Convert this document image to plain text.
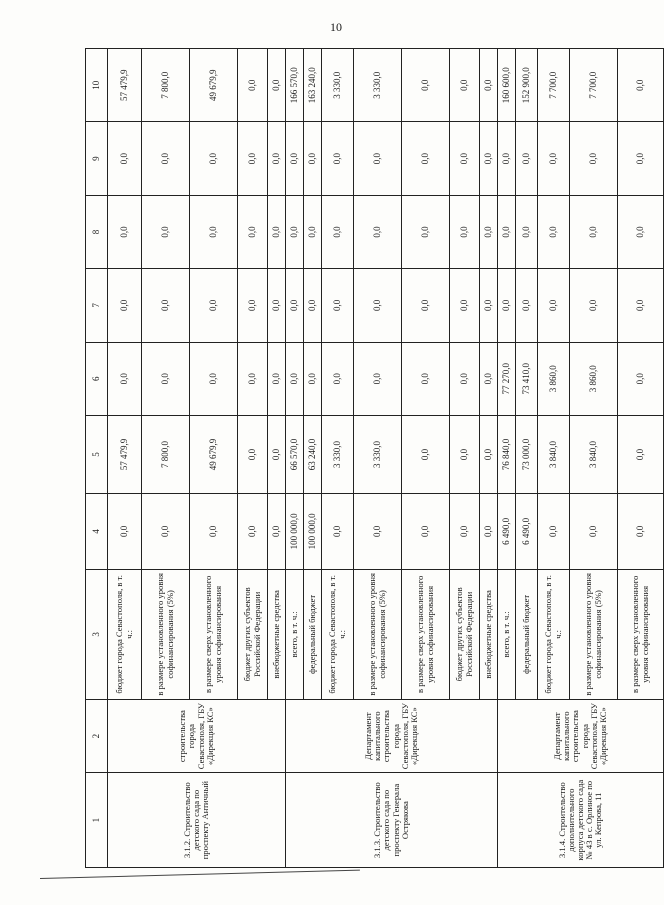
10
1	2	3	4	5	6	7	8	9	10
3.1.2. Строительство детского сада по проспекту Античный	строительства города Севастополя, ГБУ «Дирекция КС»	бюджет города Севастополя, в т. ч.:	0,0	57 479,9	0,0	0,0	0,0	0,0	57 479,9
		в размере установленного уровня софинансирования (5%)	0,0	7 800,0	0,0	0,0	0,0	0,0	7 800,0
		в размере сверх установленного уровня софинансирования	0,0	49 679,9	0,0	0,0	0,0	0,0	49 679,9
		бюджет других субъектов Российской Федерации	0,0	0,0	0,0	0,0	0,0	0,0	0,0
		внебюджетные средства	0,0	0,0	0,0	0,0	0,0	0,0	0,0
3.1.3. Строительство детского сада по проспекту Генерала Острякова	Департамент капитального строительства города Севастополя, ГБУ «Дирекция КС»	всего, в т. ч.:	100 000,0	66 570,0	0,0	0,0	0,0	0,0	166 570,0
		федеральный бюджет	100 000,0	63 240,0	0,0	0,0	0,0	0,0	163 240,0
		бюджет города Севастополя, в т. ч.:	0,0	3 330,0	0,0	0,0	0,0	0,0	3 330,0
		в размере установленного уровня софинансирования (5%)	0,0	3 330,0	0,0	0,0	0,0	0,0	3 330,0
		в размере сверх установленного уровня софинансирования	0,0	0,0	0,0	0,0	0,0	0,0	0,0
		бюджет других субъектов Российской Федерации	0,0	0,0	0,0	0,0	0,0	0,0	0,0
		внебюджетные средства	0,0	0,0	0,0	0,0	0,0	0,0	0,0
3.1.4. Строительство дополнительного корпуса детского сада № 43 в с. Орлиное по ул. Кепрова, 11	Департамент капитального строительства города Севастополя, ГБУ «Дирекция КС»	всего, в т. ч.:	6 490,0	76 840,0	77 270,0	0,0	0,0	0,0	160 600,0
		федеральный бюджет	6 490,0	73 000,0	73 410,0	0,0	0,0	0,0	152 900,0
		бюджет города Севастополя, в т. ч.:	0,0	3 840,0	3 860,0	0,0	0,0	0,0	7 700,0
		в размере установленного уровня софинансирования (5%)	0,0	3 840,0	3 860,0	0,0	0,0	0,0	7 700,0
		в размере сверх установленного уровня софинансирования	0,0	0,0	0,0	0,0	0,0	0,0	0,0
